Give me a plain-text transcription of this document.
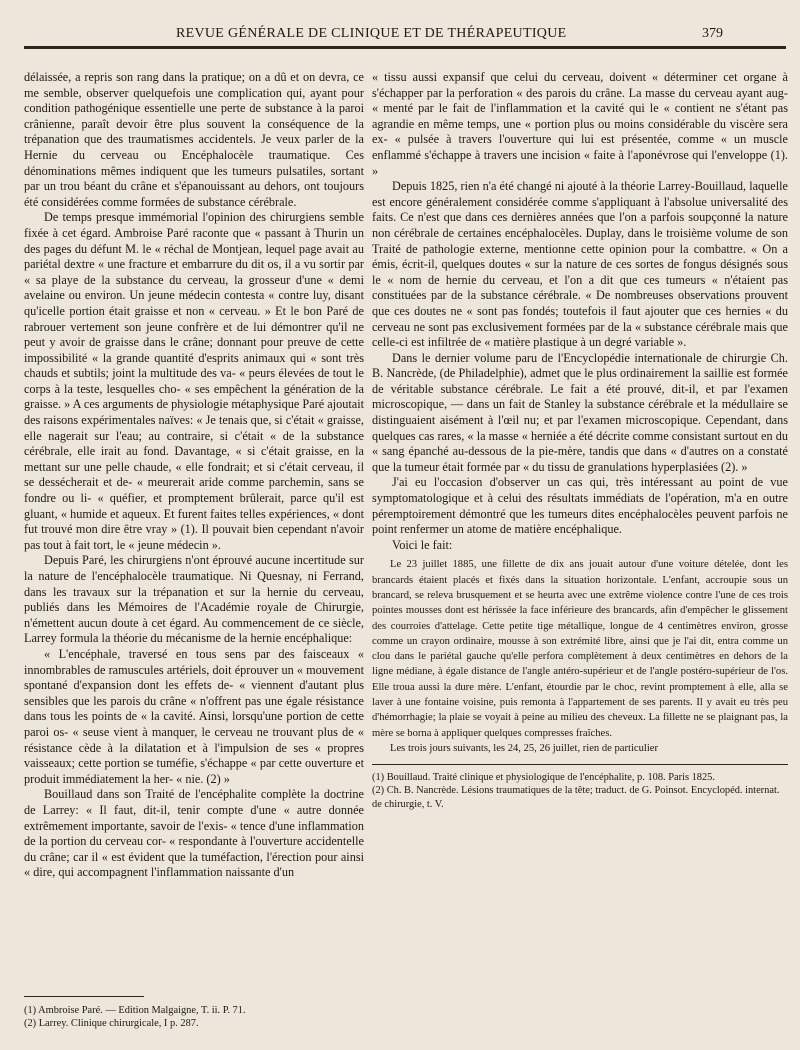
REVUE GÉNÉRALE DE CLINIQUE ET DE THÉRAPEUTIQUE	379

délaissée, a repris son rang dans la pratique; on a dû et on devra, ce me semble, observer quelquefois une complication qui, ayant pour condition pathogénique essentielle une perte de substance à la paroi crânienne, paraît devoir être plus souvent la conséquence de la trépanation que des traumatismes accidentels. Je veux parler de la Hernie du cerveau ou Encéphalocèle traumatique. Ces dénominations mêmes indiquent que les tumeurs pulsatiles, sortant par un trou béant du crâne et s'épanouissant au dehors, ont toujours été considérées comme formées de substance cérébrale.

De temps presque immémorial l'opinion des chirurgiens semble fixée à cet égard. Ambroise Paré raconte que « passant à Thurin un des pages du défunt M. le « réchal de Montjean, lequel page avait au pariétal dextre « une fracture et embarrure du dit os, il a vu sortir par « sa playe de la substance du cerveau, la grosseur d'une « demi avelaine ou environ. Un jeune médecin contesta « contre luy, disant qu'icelle portion était graisse et non « cerveau. » Et le bon Paré de rabrouer vertement son jeune confrère et de lui démontrer qu'il ne peut y avoir de graisse dans le crâne; donnant pour preuve de cette impossibilité « la grande quantité d'esprits animaux qui « sont très chauds et subtils; joint la multitude des va- « peurs élevées de tout le corps à la teste, lesquelles cho- « ses empêchent la génération de la graisse. » A ces arguments de physiologie métaphysique Paré ajoutait des raisons expérimentales naïves: « Je tenais que, si c'était « graisse, elle nagerait sur l'eau; au contraire, si c'était « de la substance cérébrale, elle irait au fond. Davantage, « si c'était graisse, en la mettant sur une pelle chaude, « elle fondrait; et si c'était cerveau, il se dessécherait et de- « meurerait aride comme parchemin, sans se fondre ou li- « quéfier, et promptement brûlerait, parce qu'il est gluant, « humide et aqueux. Et furent faites telles expériences, « dont fut trouvé mon dire être vray » (1). Il pouvait bien cependant n'avoir pas tout à fait tort, le « jeune médecin ».

Depuis Paré, les chirurgiens n'ont éprouvé aucune incertitude sur la nature de l'encéphalocèle traumatique. Ni Quesnay, ni Ferrand, dans les travaux sur la trépanation et sur la hernie du cerveau, publiés dans les Mémoires de l'Académie royale de Chirurgie, n'émettent aucun doute à cet égard. Au commencement de ce siècle, Larrey formula la théorie du mécanisme de la hernie encéphalique:

« L'encéphale, traversé en tous sens par des faisceaux « innombrables de ramuscules artériels, doit éprouver un « mouvement spontané d'expansion dont les effets de- « viennent d'autant plus sensibles que les parois du crâne « n'offrent pas une égale résistance dans tous les points de « la cavité. Ainsi, lorsqu'une portion de cette paroi os- « seuse vient à manquer, le cerveau ne trouvant plus de « résistance cède à la dilatation et à l'impulsion de ses « propres vaisseaux; cette portion se tuméfie, s'échappe « par cette ouverture et produit immédiatement la her- « nie. (2) »

Bouillaud dans son Traité de l'encéphalite complète la doctrine de Larrey: « Il faut, dit-il, tenir compte d'une « autre donnée extrêmement importante, savoir de l'exis- « tence d'une inflammation de la portion du cerveau cor- « respondante à l'ouverture accidentelle du crâne; car il « est évident que la tuméfaction, l'érection pour ainsi « dire, qui accompagnent l'inflammation naissante d'un

(1) Ambroise Paré. — Edition Malgaigne, T. ii. P. 71.
(2) Larrey. Clinique chirurgicale, I p. 287.

« tissu aussi expansif que celui du cerveau, doivent « déterminer cet organe à s'échapper par la perforation « des parois du crâne. La masse du cerveau ayant aug- « menté par le fait de l'inflammation et la cavité qui le « contient ne s'étant pas agrandie en même temps, une « portion plus ou moins considérable du viscère sera ex- « pulsée à travers l'ouverture qui lui est présentée, comme « un muscle enflammé s'échappe à travers une incision « faite à l'aponévrose qui l'enveloppe (1). »

Depuis 1825, rien n'a été changé ni ajouté à la théorie Larrey-Bouillaud, laquelle est encore généralement considérée comme s'appliquant à l'absolue universalité des faits. Ce n'est que dans ces dernières années que l'on a parfois soupçonné la nature non cérébrale de certaines encéphalocèles. Duplay, dans le troisième volume de son Traité de pathologie externe, mentionne cette opinion pour la combattre. « On a émis, écrit-il, quelques doutes « sur la nature de ces sortes de fongus désignés sous le « nom de hernie du cerveau, et l'on a dit que ces tumeurs « n'étaient pas constituées par de la substance cérébrale. « De nombreuses observations prouvent que ces doutes ne « sont pas fondés; toutefois il faut ajouter que ces hernies « du cerveau ne sont pas exclusivement formées par de la « substance cérébrale mais que celle-ci est infiltrée de « matière plastique à un degré variable ».

Dans le dernier volume paru de l'Encyclopédie internationale de chirurgie Ch. B. Nancrède, (de Philadelphie), admet que le plus ordinairement la saillie est formée de véritable substance cérébrale. Le fait a été prouvé, dit-il, et par l'examen microscopique, — dans un fait de Stanley la substance cérébrale et la médullaire se distinguaient aisément à l'œil nu; et par l'examen microscopique. Cependant, dans quelques cas rares, « la masse « herniée a été décrite comme consistant surtout en du « sang épanché au-dessous de la pie-mère, tandis que dans « d'autres on a constaté que la tumeur était formée par « du tissu de granulations hyperplasiées (2). »

J'ai eu l'occasion d'observer un cas qui, très intéressant au point de vue symptomatologique et à celui des résultats immédiats de l'opération, m'a en outre péremptoirement démontré que les tumeurs dites encéphalocèles peuvent parfois ne point renfermer un atome de matière encéphalique.

Voici le fait:

Le 23 juillet 1885, une fillette de dix ans jouait autour d'une voiture dételée, dont les brancards étaient placés et fixés dans la situation horizontale. L'enfant, accroupie sous un brancard, se releva brusquement et se heurta avec une extrême violence contre l'une de ces trois pointes mousses dont est hérissée la face inférieure des brancards, afin d'empêcher le glissement des courroies d'attelage. Cette petite tige métallique, longue de 4 centimètres environ, grosse comme un crayon ordinaire, mousse à son extrémité libre, ainsi que je l'ai dit, entra comme un clou dans le pariétal gauche qu'elle perfora complètement à deux centimètres en dehors de la ligne médiane, à égale distance de l'angle antéro-supérieur et de l'angle postéro-supérieur de l'os. Elle troua aussi la dure mère. L'enfant, étourdie par le choc, revint promptement à elle, alla se laver à une fontaine voisine, puis remonta à l'appartement de ses parents. Il y avait eu très peu d'hémorrhagie; la plaie se voyait à peine au milieu des cheveux. La fillette ne se plaignant pas, la mère se borna à appliquer quelques compresses fraîches.

Les trois jours suivants, les 24, 25, 26 juillet, rien de particulier

(1) Bouillaud. Traité clinique et physiologique de l'encéphalite, p. 108. Paris 1825.
(2) Ch. B. Nancrède. Lésions traumatiques de la tête; traduct. de G. Poinsot. Encyclopéd. internat. de chirurgie, t. V.
